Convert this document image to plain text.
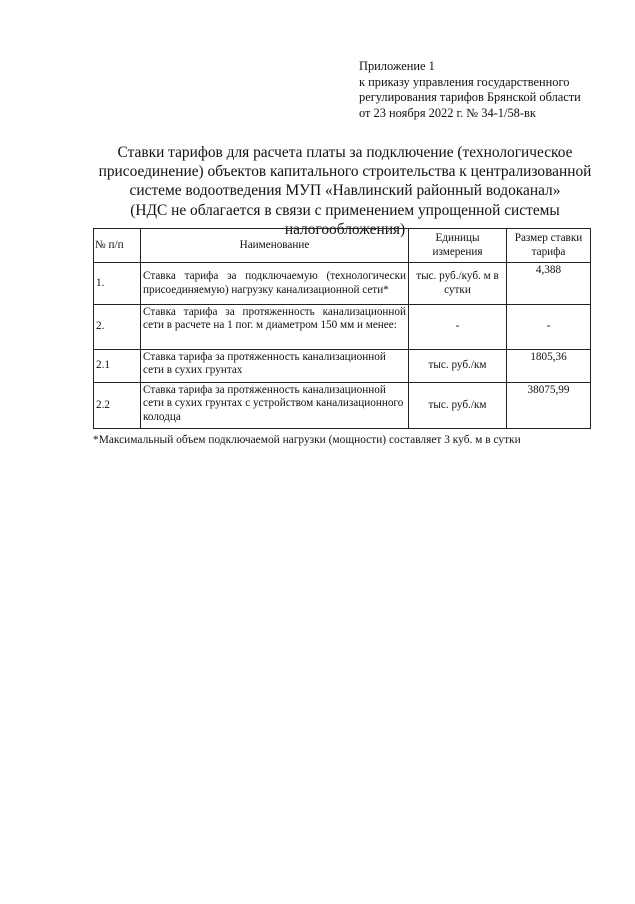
Приложение 1
к приказу управления государственного
регулирования тарифов Брянской области
от 23 ноября 2022 г. № 34-1/58-вк
Ставки тарифов для расчета платы за подключение (технологическое
присоединение) объектов капитального строительства к централизованной
системе водоотведения МУП «Навлинский районный водоканал»
(НДС не облагается в связи с применением упрощенной системы
налогообложения)
№ п/п	Наименование	Единицы измерения	Размер ставки тарифа
1.	Ставка тарифа за подключаемую (технологически присоединяемую) нагрузку канализационной сети*	тыс. руб./куб. м в сутки	4,388
2.	Ставка тарифа за протяженность канализационной сети в расчете на 1 пог. м диаметром 150 мм и менее:	-	-
2.1	Ставка тарифа за протяженность канализационной сети в сухих грунтах	тыс. руб./км	1805,36
2.2	Ставка тарифа за протяженность канализационной сети в сухих грунтах с устройством канализационного колодца	тыс. руб./км	38075,99
*Максимальный объем подключаемой нагрузки (мощности) составляет 3 куб. м в сутки
